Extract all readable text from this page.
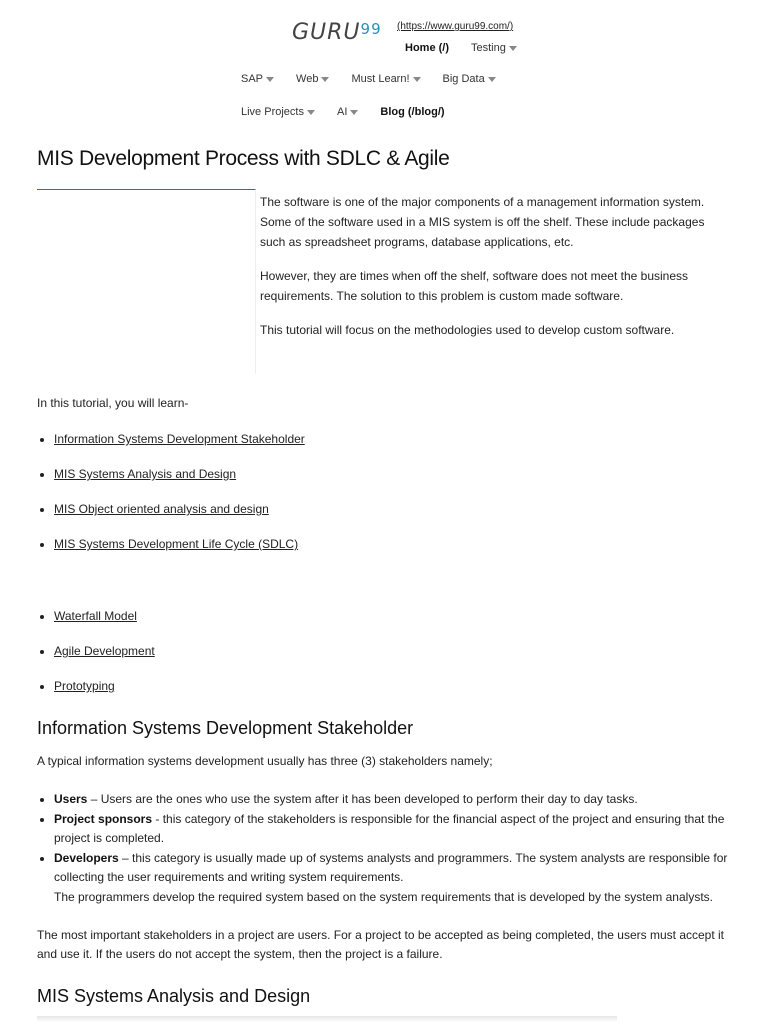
GURU$^{99}$ (https://www.guru99.com/)
Home (/) Testing
SAP	Web	Must Learn!	Big Data
Live Projects	AI	Blog (/blog/)
MIS Development Process with SDLC & Agile

The software is one of the major components of a management information system. Some of the software used in a MIS system is off the shelf. These include packages such as spreadsheet programs, database applications, etc.

However, they are times when off the shelf, software does not meet the business requirements. The solution to this problem is custom made software.

This tutorial will focus on the methodologies used to develop custom software.

In this tutorial, you will learn-
• Information Systems Development Stakeholder
• MIS Systems Analysis and Design
• MIS Object oriented analysis and design
• MIS Systems Development Life Cycle (SDLC)
• Waterfall Model
• Agile Development
• Prototyping
Information Systems Development Stakeholder

A typical information systems development usually has three (3) stakeholders namely;

• Users – Users are the ones who use the system after it has been developed to perform their day to day tasks.
• Project sponsors - this category of the stakeholders is responsible for the financial aspect of the project and ensuring that the project is completed.
• Developers – this category is usually made up of systems analysts and programmers. The system analysts are responsible for collecting the user requirements and writing system requirements.
The programmers develop the required system based on the system requirements that is developed by the system analysts.

The most important stakeholders in a project are users. For a project to be accepted as being completed, the users must accept it and use it. If the users do not accept the system, then the project is a failure.

MIS Systems Analysis and Design
